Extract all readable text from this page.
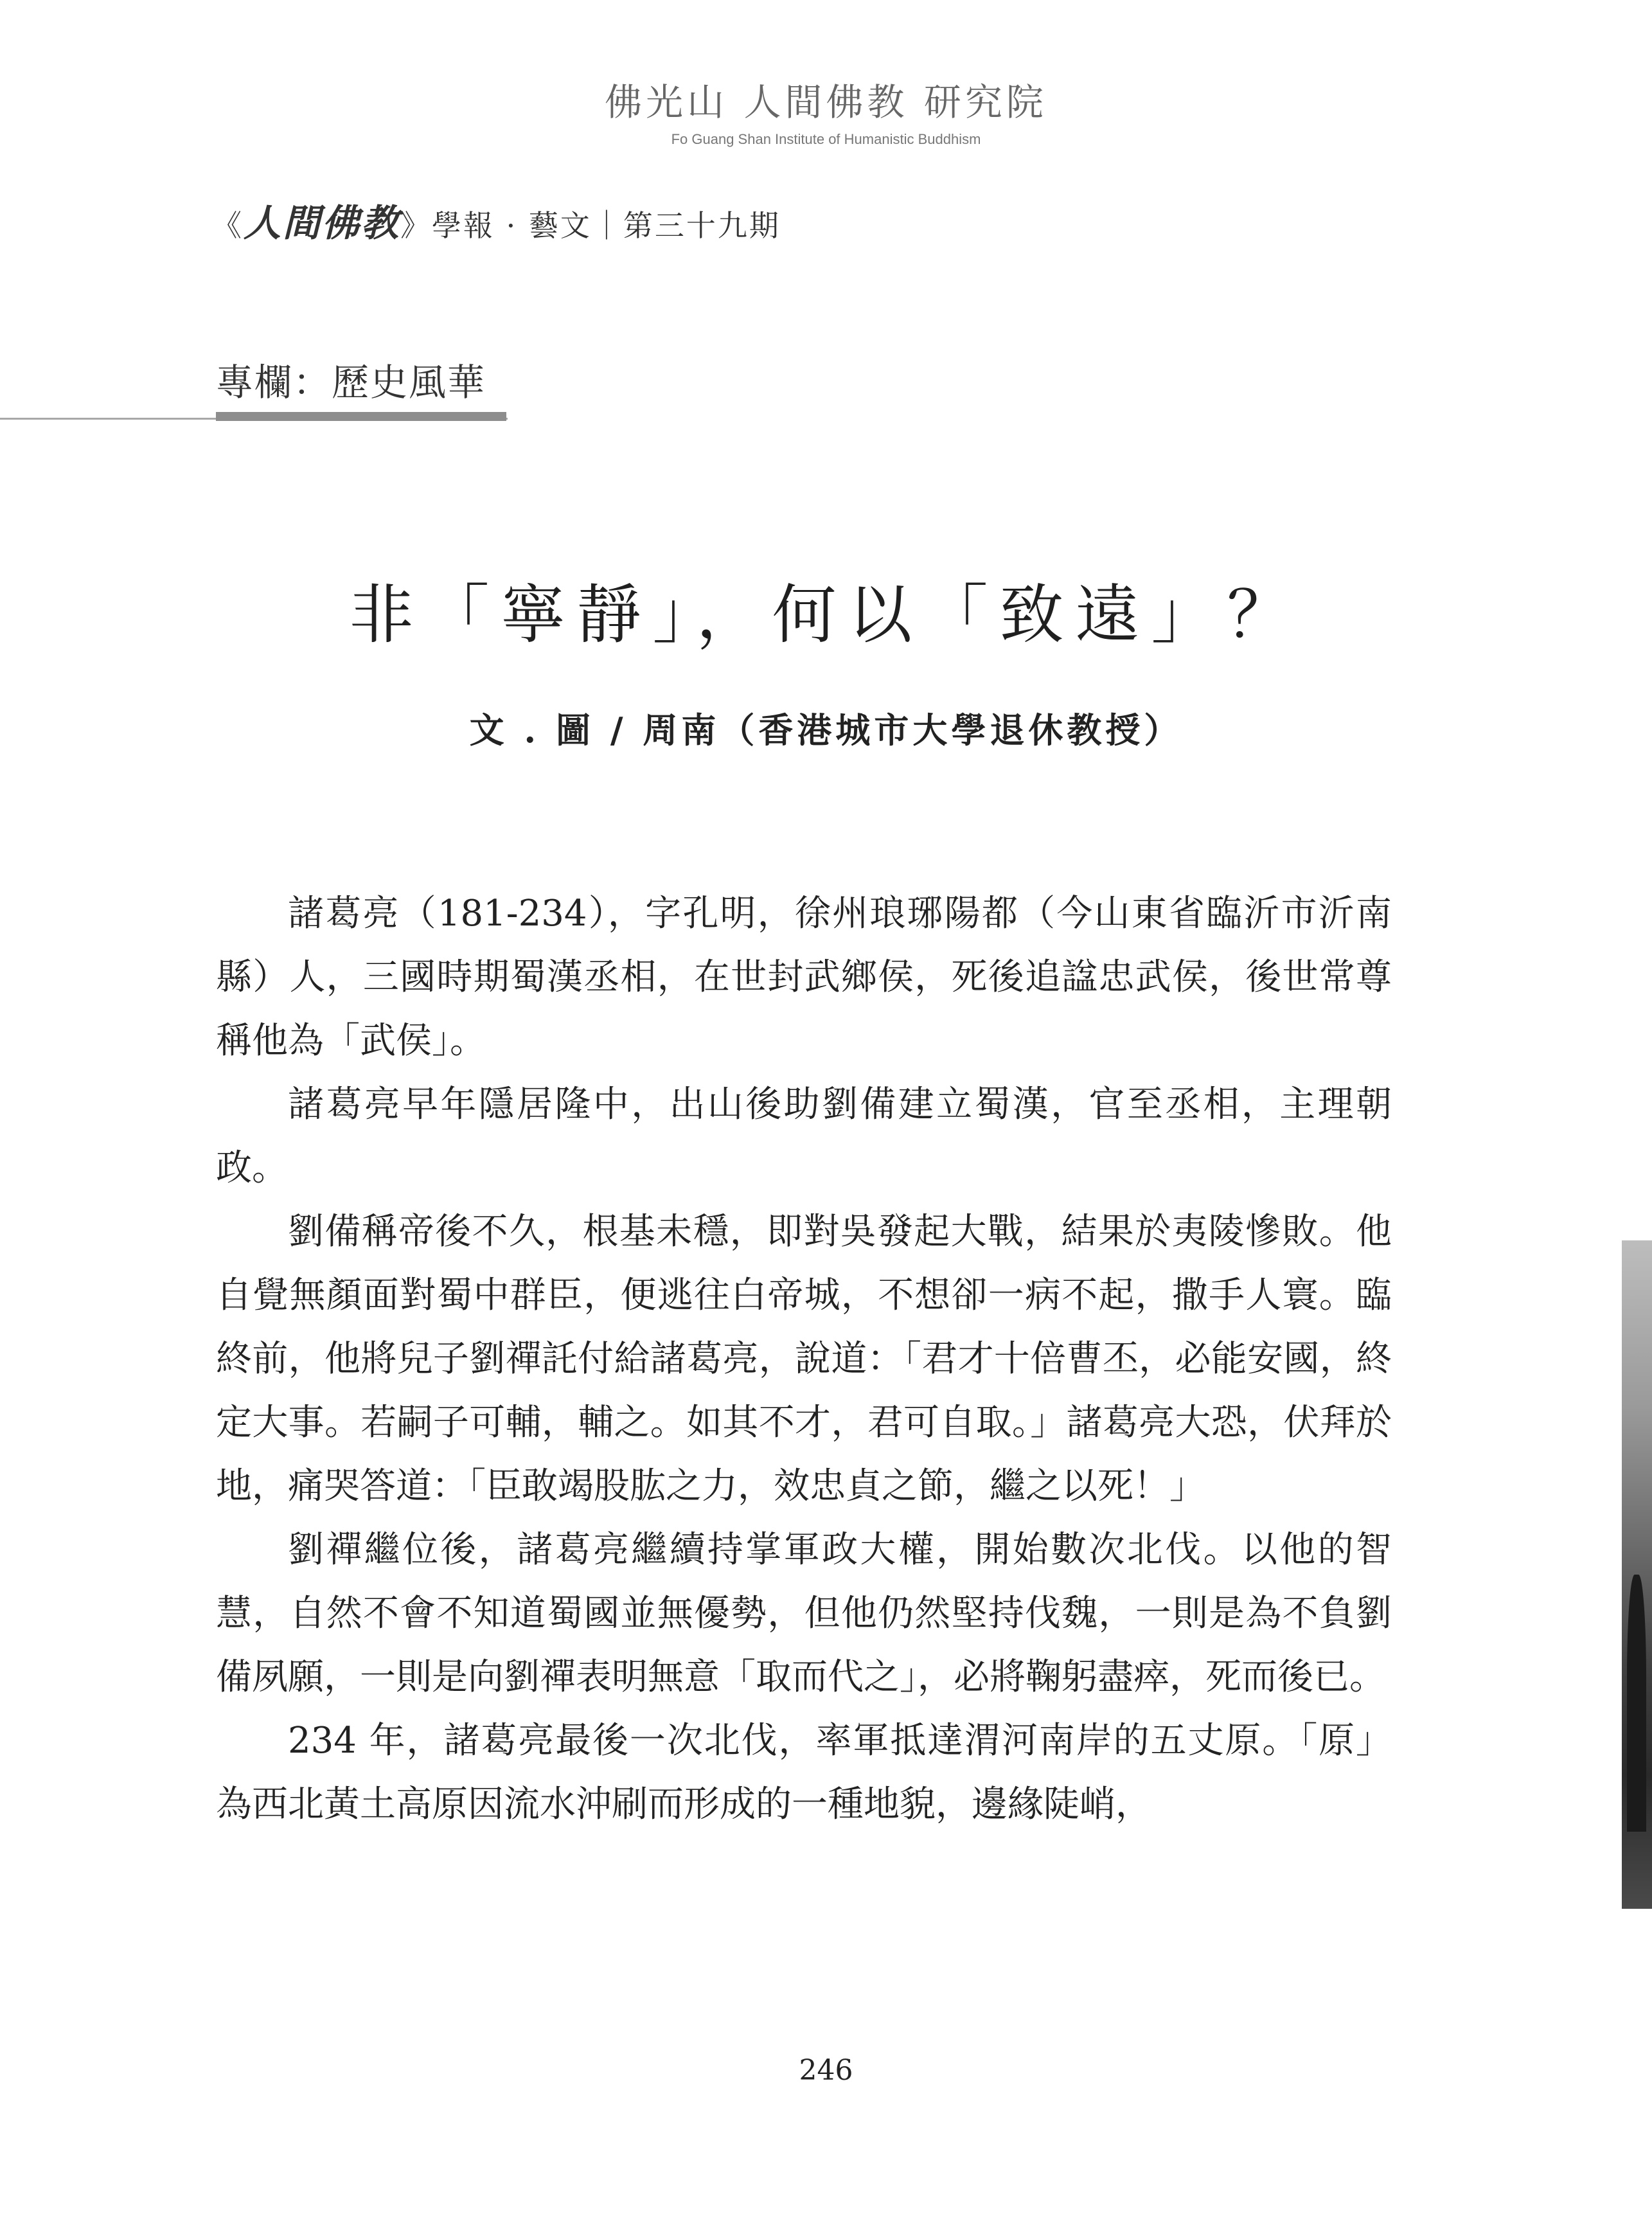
佛光山 人間佛教 研究院
Fo Guang Shan Institute of Humanistic Buddhism
《人間佛教》學報 · 藝文｜第三十九期
專欄：歷史風華
非「寧靜」，何以「致遠」？
文 . 圖 / 周南（香港城市大學退休教授）

諸葛亮（181-234），字孔明，徐州琅琊陽都（今山東省臨沂市沂南縣）人，三國時期蜀漢丞相，在世封武鄉侯，死後追諡忠武侯，後世常尊稱他為「武侯」。

諸葛亮早年隱居隆中，出山後助劉備建立蜀漢，官至丞相，主理朝政。

劉備稱帝後不久，根基未穩，即對吳發起大戰，結果於夷陵慘敗。他自覺無顏面對蜀中群臣，便逃往白帝城，不想卻一病不起，撒手人寰。臨終前，他將兒子劉禪託付給諸葛亮，說道：「君才十倍曹丕，必能安國，終定大事。若嗣子可輔，輔之。如其不才，君可自取。」諸葛亮大恐，伏拜於地，痛哭答道：「臣敢竭股肱之力，效忠貞之節，繼之以死！」

劉禪繼位後，諸葛亮繼續持掌軍政大權，開始數次北伐。以他的智慧，自然不會不知道蜀國並無優勢，但他仍然堅持伐魏，一則是為不負劉備夙願，一則是向劉禪表明無意「取而代之」，必將鞠躬盡瘁，死而後已。

234 年，諸葛亮最後一次北伐，率軍抵達渭河南岸的五丈原。「原」為西北黃土高原因流水沖刷而形成的一種地貌，邊緣陡峭，

246
